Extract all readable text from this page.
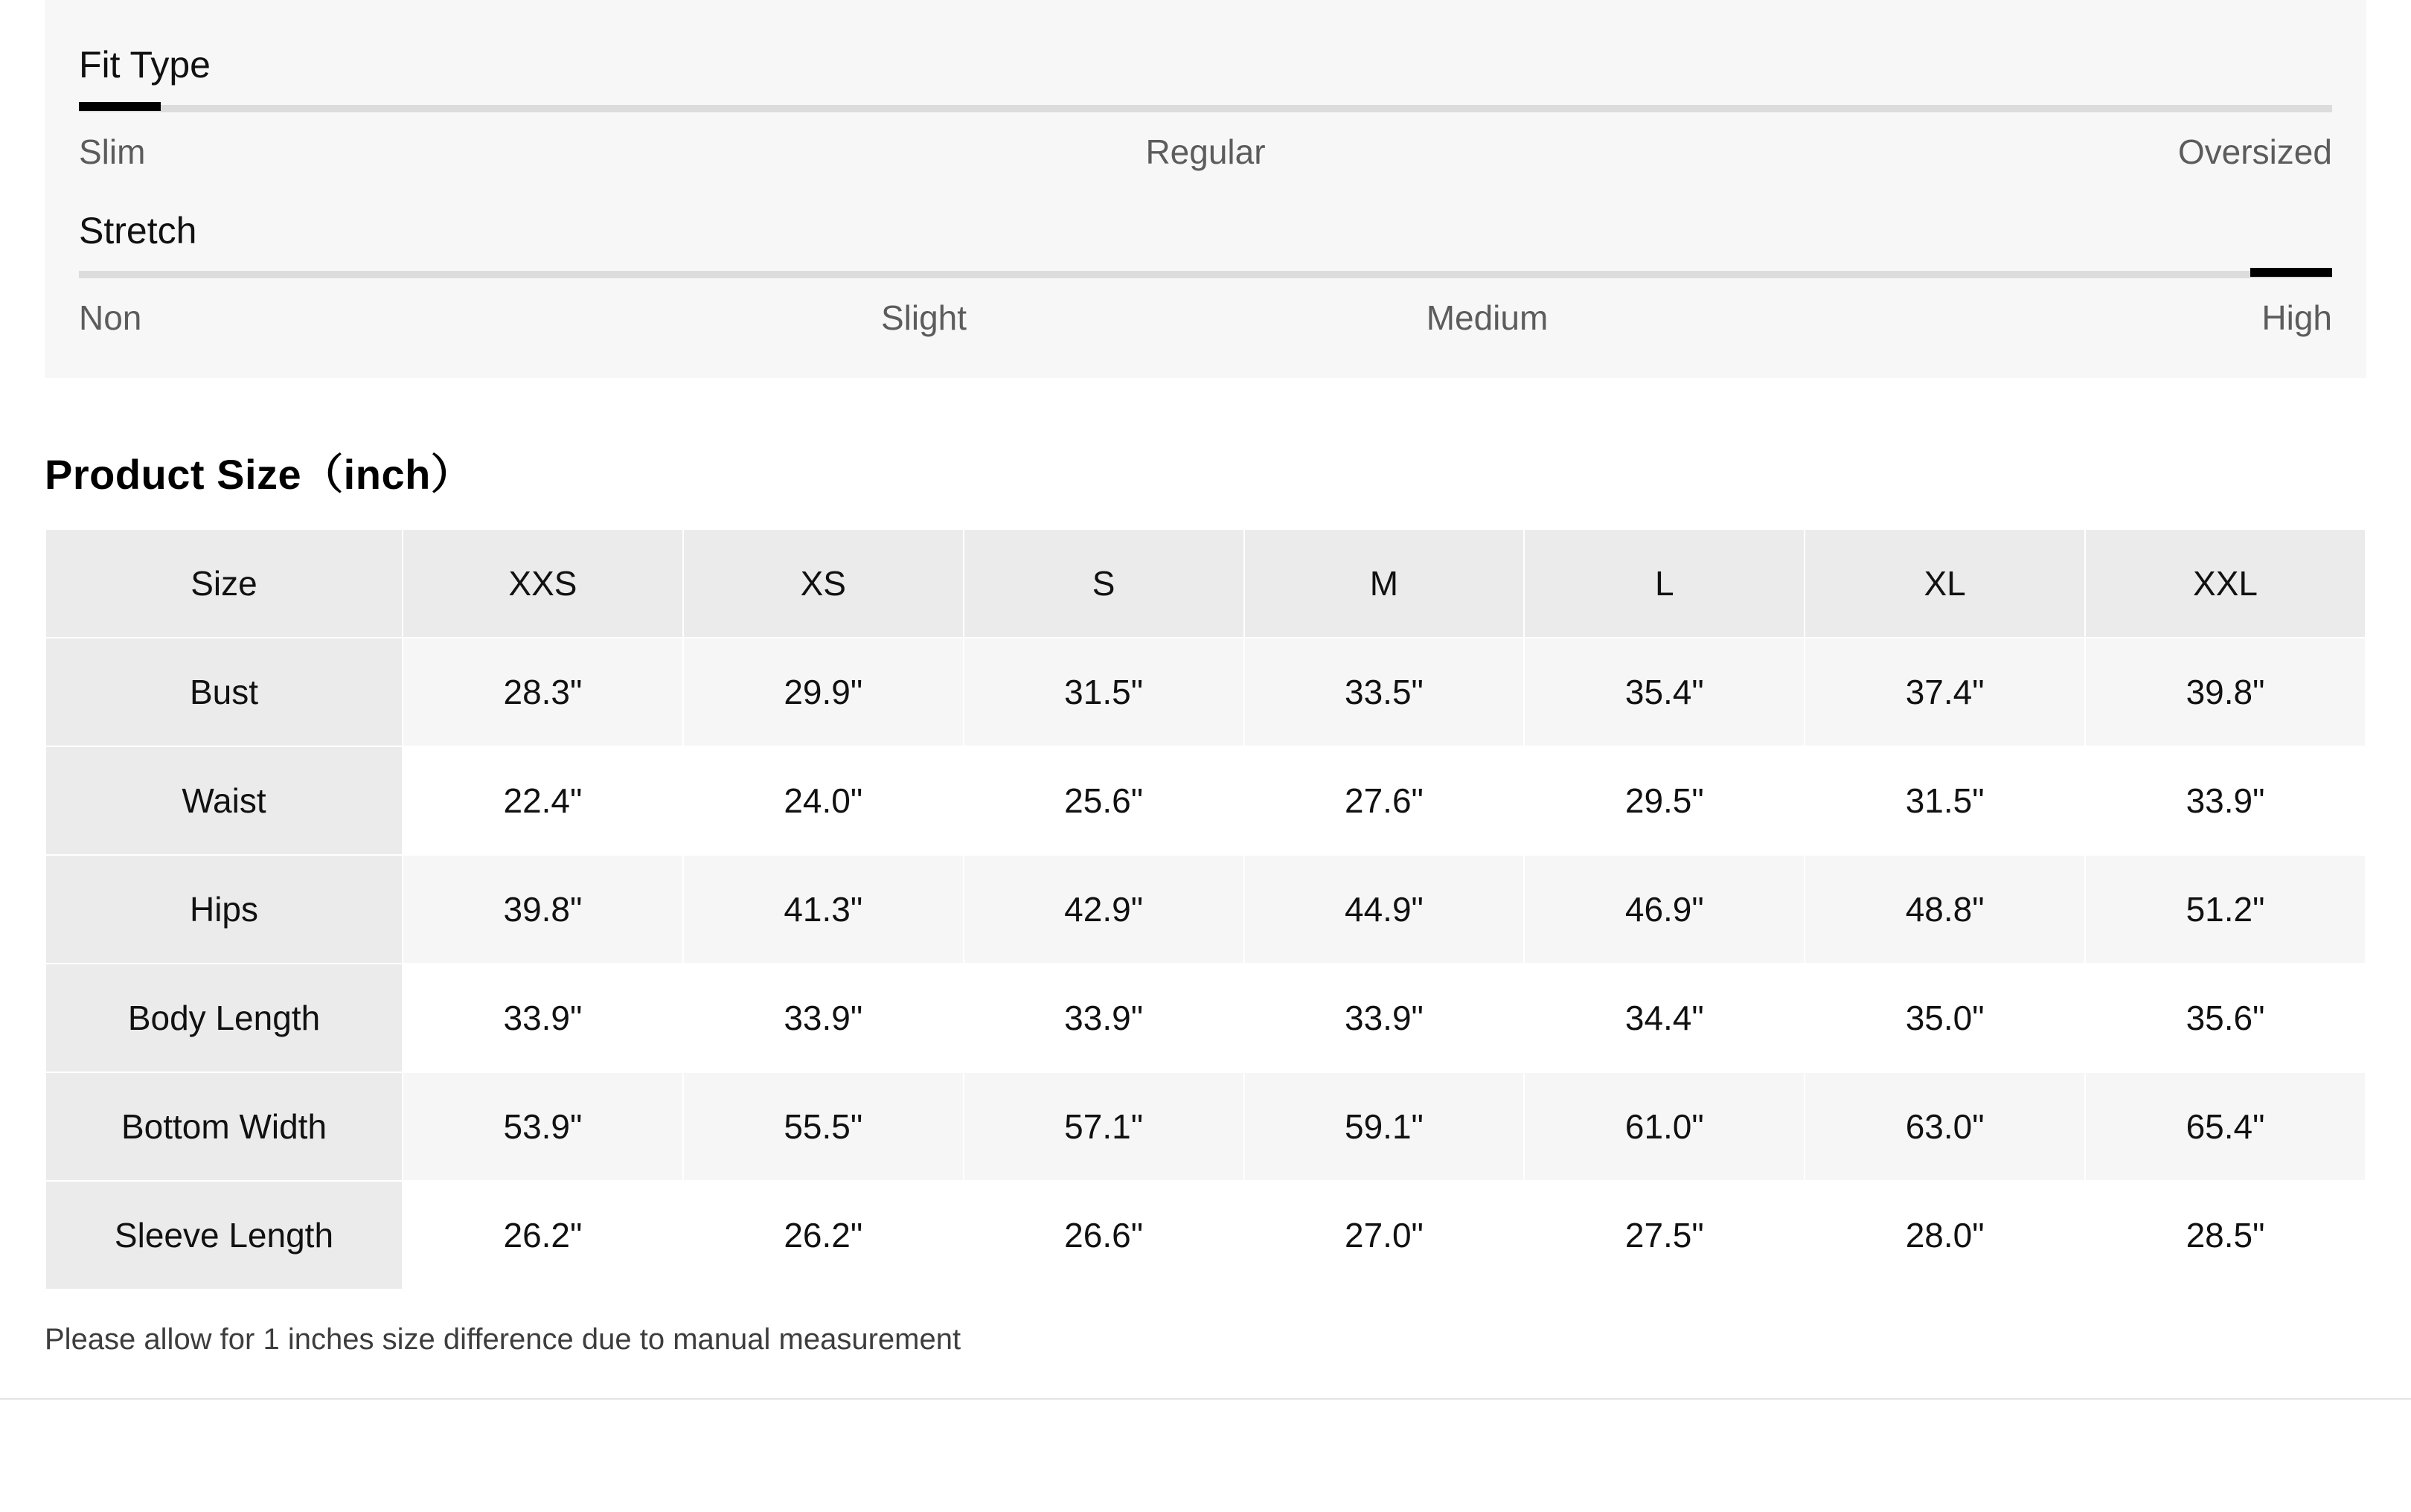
Fit Type
Slim	Regular	Oversized
Stretch
Non	Slight	Medium	High
Product Size（inch）
Size	XXS	XS	S	M	L	XL	XXL
Bust	28.3"	29.9"	31.5"	33.5"	35.4"	37.4"	39.8"
Waist	22.4"	24.0"	25.6"	27.6"	29.5"	31.5"	33.9"
Hips	39.8"	41.3"	42.9"	44.9"	46.9"	48.8"	51.2"
Body Length	33.9"	33.9"	33.9"	33.9"	34.4"	35.0"	35.6"
Bottom Width	53.9"	55.5"	57.1"	59.1"	61.0"	63.0"	65.4"
Sleeve Length	26.2"	26.2"	26.6"	27.0"	27.5"	28.0"	28.5"
Please allow for 1 inches size difference due to manual measurement
